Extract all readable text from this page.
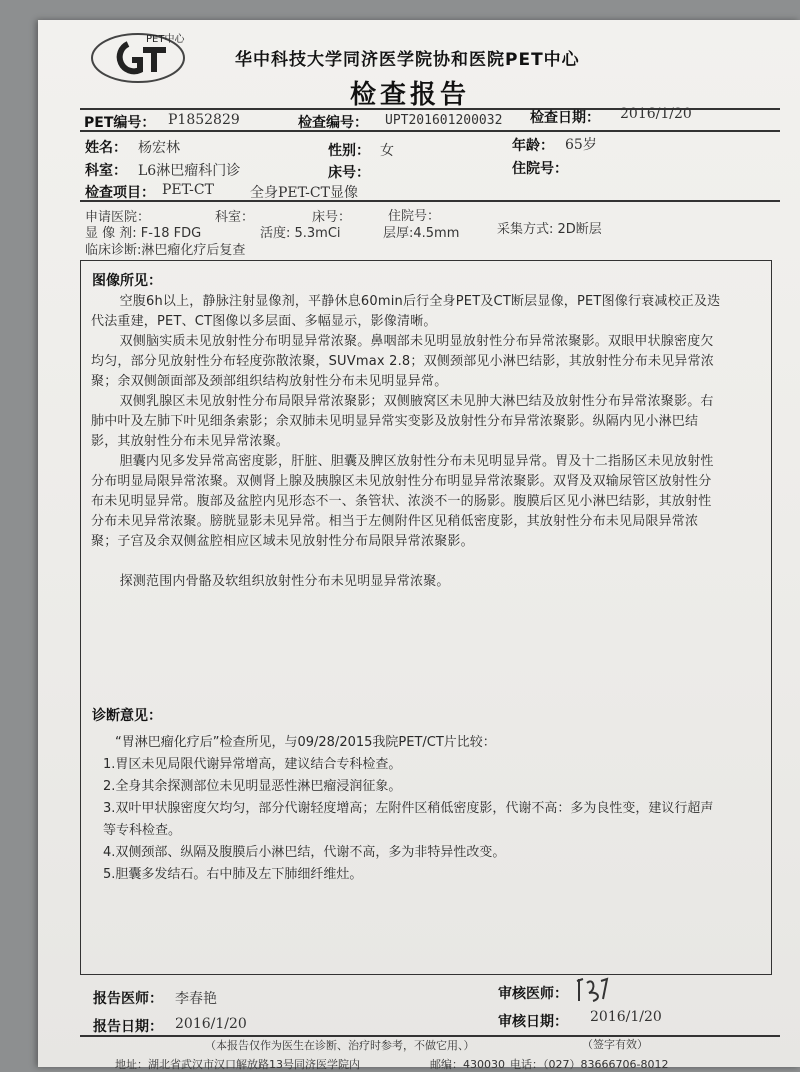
PET中心
华中科技大学同济医学院协和医院PET中心
检查报告
PET编号： P1852829	检查编号： UPT201601200032 检查日期： 2016/1/20
姓名： 杨宏林	性别： 女	年龄： 65岁
科室： L6淋巴瘤科门诊	床号：	住院号：
检查项目： PET-CT	全身PET-CT显像
申请医院：	科室：	床号：	住院号：
显 像 剂: F-18 FDG	活度: 5.3mCi	层厚:4.5mm	采集方式: 2D断层
临床诊断:淋巴瘤化疗后复查
图像所见：

空腹6h以上，静脉注射显像剂，平静休息60min后行全身PET及CT断层显像，PET图像行衰减校正及迭代法重建，PET、CT图像以多层面、多幅显示，影像清晰。

双侧脑实质未见放射性分布明显异常浓聚。鼻咽部未见明显放射性分布异常浓聚影。双眼甲状腺密度欠均匀，部分见放射性分布轻度弥散浓聚，SUVmax 2.8；双侧颈部见小淋巴结影，其放射性分布未见异常浓聚；余双侧颌面部及颈部组织结构放射性分布未见明显异常。

双侧乳腺区未见放射性分布局限异常浓聚影；双侧腋窝区未见肿大淋巴结及放射性分布异常浓聚影。右肺中叶及左肺下叶见细条索影；余双肺未见明显异常实变影及放射性分布异常浓聚影。纵隔内见小淋巴结影，其放射性分布未见异常浓聚。

胆囊内见多发异常高密度影，肝脏、胆囊及脾区放射性分布未见明显异常。胃及十二指肠区未见放射性分布明显局限异常浓聚。双侧肾上腺及胰腺区未见放射性分布明显异常浓聚影。双肾及双输尿管区放射性分布未见明显异常。腹部及盆腔内见形态不一、条管状、浓淡不一的肠影。腹膜后区见小淋巴结影，其放射性分布未见异常浓聚。膀胱显影未见异常。相当于左侧附件区见稍低密度影，其放射性分布未见局限异常浓聚；子宫及余双侧盆腔相应区域未见放射性分布局限异常浓聚影。

探测范围内骨骼及软组织放射性分布未见明显异常浓聚。

诊断意见：

“胃淋巴瘤化疗后”检查所见，与09/28/2015我院PET/CT片比较：

1.胃区未见局限代谢异常增高，建议结合专科检查。

2.全身其余探测部位未见明显恶性淋巴瘤浸润征象。

3.双叶甲状腺密度欠均匀，部分代谢轻度增高；左附件区稍低密度影，代谢不高：多为良性变，建议行超声等专科检查。

4.双侧颈部、纵隔及腹膜后小淋巴结，代谢不高，多为非特异性改变。

5.胆囊多发结石。右中肺及左下肺细纤维灶。

报告医师： 李春艳	审核医师：
报告日期： 2016/1/20	审核日期： 2016/1/20
（签字有效）
（本报告仅作为医生在诊断、治疗时参考，不做它用、）
地址：湖北省武汉市汉口解放路13号同济医学院内	邮编：430030 电话：（027）83666706-8012
